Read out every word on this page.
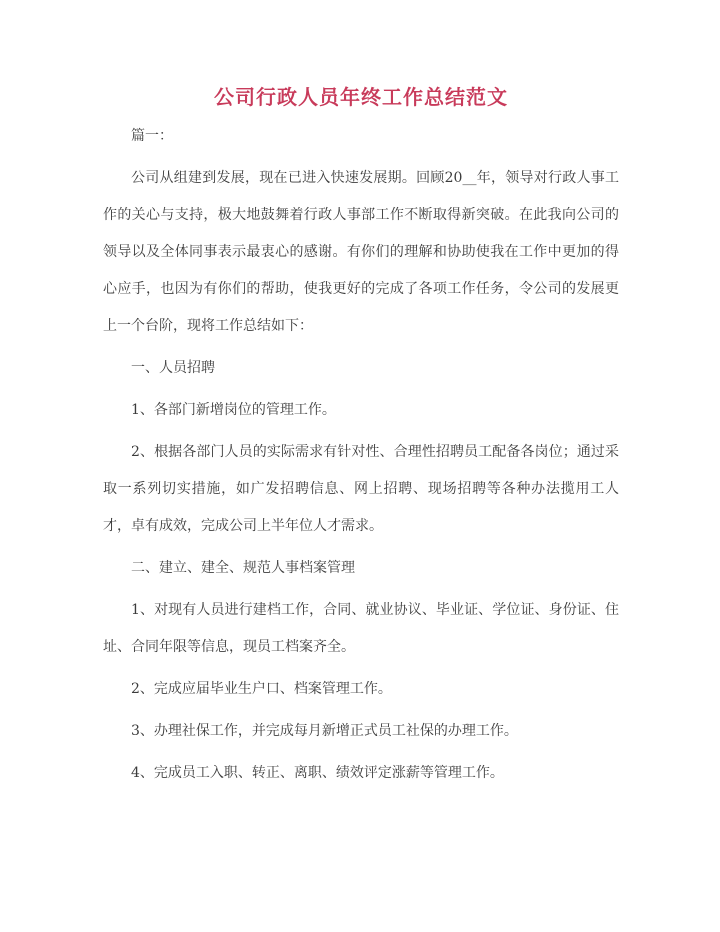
公司行政人员年终工作总结范文

篇一：

公司从组建到发展，现在已进入快速发展期。回顾20__年，领导对行政人事工作的关心与支持，极大地鼓舞着行政人事部工作不断取得新突破。在此我向公司的领导以及全体同事表示最衷心的感谢。有你们的理解和协助使我在工作中更加的得心应手，也因为有你们的帮助，使我更好的完成了各项工作任务，令公司的发展更上一个台阶，现将工作总结如下：

一、人员招聘

1、各部门新增岗位的管理工作。

2、根据各部门人员的实际需求有针对性、合理性招聘员工配备各岗位；通过采取一系列切实措施，如广发招聘信息、网上招聘、现场招聘等各种办法揽用工人才，卓有成效，完成公司上半年位人才需求。

二、建立、建全、规范人事档案管理

1、对现有人员进行建档工作，合同、就业协议、毕业证、学位证、身份证、住址、合同年限等信息，现员工档案齐全。

2、完成应届毕业生户口、档案管理工作。

3、办理社保工作，并完成每月新增正式员工社保的办理工作。

4、完成员工入职、转正、离职、绩效评定涨薪等管理工作。
